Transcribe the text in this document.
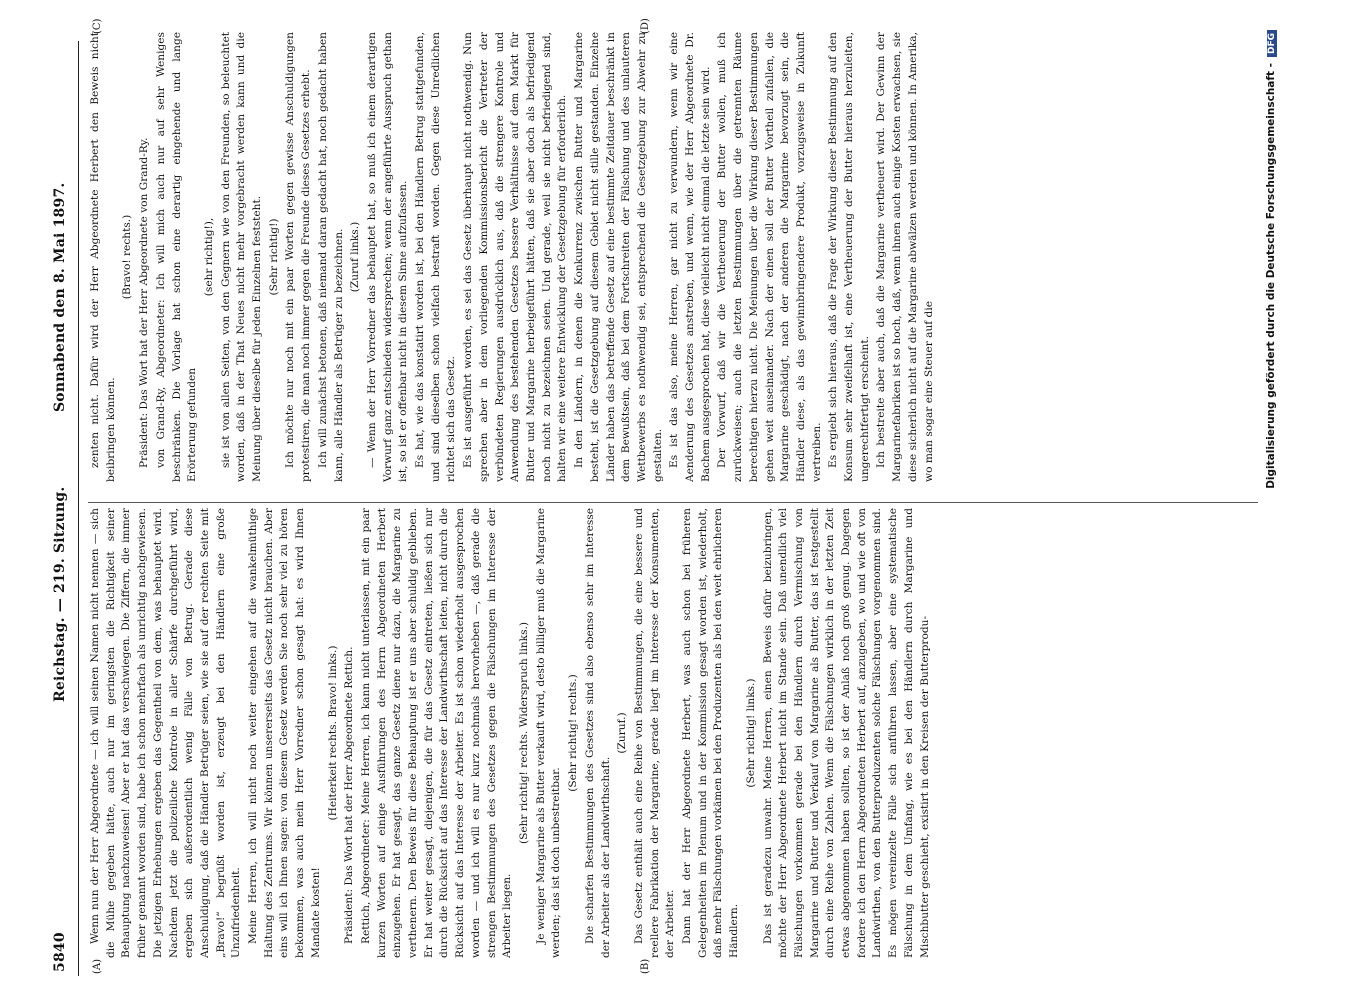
5840
Reichstag. — 219. Sitzung.
Sonnabend den 8. Mai 1897.
(A)	(B)
(C)	(D)

Wenn nun der Herr Abgeordnete — ich will seinen Namen nicht nennen — sich die Mühe gegeben hätte, auch nur im geringsten die Richtigkeit seiner Behauptung nachzuweisen! Aber er hat das verschwiegen. Die Ziffern, die immer früher genannt worden sind, habe ich schon mehrfach als unrichtig nachgewiesen. Die jetzigen Erhebungen ergeben das Gegentheil von dem, was behauptet wird. Nachdem jetzt die polizeiliche Kontrole in aller Schärfe durchgeführt wird, ergeben sich außerordentlich wenig Fälle von Betrug. Gerade diese Anschuldigung, daß die Händler Betrüger seien, wie sie auf der rechten Seite mit „Bravo!“ begrüßt worden ist, erzeugt bei den Händlern eine große Unzufriedenheit. Meine Herren, ich will nicht noch weiter eingehen auf die wankelmüthige Haltung des Zentrums. Wir können unsererseits das Gesetz nicht brauchen. Aber eins will ich Ihnen sagen: von diesem Gesetz werden Sie noch sehr viel zu hören bekommen, was auch mein Herr Vorredner schon gesagt hat: es wird Ihnen Mandate kosten!

(Heiterkeit rechts. Bravo! links.) Präsident: Das Wort hat der Herr Abgeordnete Rettich. Rettich, Abgeordneter: Meine Herren, ich kann nicht unterlassen, mit ein paar kurzen Worten auf einige Ausführungen des Herrn Abgeordneten Herbert einzugehen. Er hat gesagt, das ganze Gesetz diene nur dazu, die Margarine zu verthenern. Den Beweis für diese Behauptung ist er uns aber schuldig geblieben. Er hat weiter gesagt, diejenigen, die für das Gesetz eintreten, ließen sich nur durch die Rücksicht auf das Interesse der Landwirthschaft leiten, nicht durch die Rücksicht auf das Interesse der Arbeiter. Es ist schon wiederholt ausgesprochen worden — und ich will es nur kurz nochmals hervorheben —, daß gerade die strengen Bestimmungen des Gesetzes gegen die Fälschungen im Interesse der Arbeiter liegen.

(Sehr richtig! rechts. Widerspruch links.) Je weniger Margarine als Butter verkauft wird, desto billiger muß die Margarine werden; das ist doch unbestreitbar.

(Sehr richtig! rechts.) Die scharfen Bestimmungen des Gesetzes sind also ebenso sehr im Interesse der Arbeiter als der Landwirthschaft.

(Zuruf.) Das Gesetz enthält auch eine Reihe von Bestimmungen, die eine bessere und reellere Fabrikation der Margarine, gerade liegt im Interesse der Konsumenten, der Arbeiter. Dann hat der Herr Abgeordnete Herbert, was auch schon bei früheren Gelegenheiten im Plenum und in der Kommission gesagt worden ist, wiederholt, daß mehr Fälschungen vorkämen bei den Produzenten als bei den weit ehrlicheren Händlern.

(Sehr richtig! links.) Das ist geradezu unwahr. Meine Herren, einen Beweis dafür beizubringen, möchte der Herr Abgeordnete Herbert nicht im Stande sein. Daß unendlich viel Fälschungen vorkommen gerade bei den Händlern durch Vermischung von Margarine und Butter und Verkauf von Margarine als Butter, das ist festgestellt durch eine Reihe von Zahlen. Wenn die Fälschungen wirklich in der letzten Zeit etwas abgenommen haben sollten, so ist der Anlaß noch groß genug. Dagegen fordere ich den Herrn Abgeordneten Herbert auf, anzugeben, wo und wie oft von Landwirthen, von den Butterproduzenten solche Fälschungen vorgenommen sind. Es mögen vereinzelte Fälle sich anführen lassen, aber eine systematische Fälschung in dem Umfang, wie es bei den Händlern durch Margarine und Mischbutter geschieht, existirt in den Kreisen der Butterprodu-

zenten nicht. Dafür wird der Herr Abgeordnete Herbert den Beweis nicht beibringen können.

(Bravo! rechts.) Präsident: Das Wort hat der Herr Abgeordnete von Grand-Ry. von Grand-Ry, Abgeordneter: Ich will mich auch nur auf sehr Weniges beschränken. Die Vorlage hat schon eine derartig eingehende und lange Erörterung gefunden

(sehr richtig!), sie ist von allen Seiten, von den Gegnern wie von den Freunden, so beleuchtet worden, daß in der That Neues nicht mehr vorgebracht werden kann und die Meinung über dieselbe für jeden Einzelnen feststeht. (Sehr richtig!) Ich möchte nur noch mit ein paar Worten gegen gewisse Anschuldigungen protestiren, die man noch immer gegen die Freunde dieses Gesetzes erhebt. Ich will zunächst betonen, daß niemand daran gedacht hat, noch gedacht haben kann, alle Händler als Betrüger zu bezeichnen. (Zuruf links.) — Wenn der Herr Vorredner das behauptet hat, so muß ich einem derartigen Vorwurf ganz entschieden widersprechen; wenn der angeführte Ausspruch gethan ist, so ist er offenbar nicht in diesem Sinne aufzufassen. Es hat, wie das konstatirt worden ist, bei den Händlern Betrug stattgefunden, und sind dieselben schon vielfach bestraft worden. Gegen diese Unredlichen richtet sich das Gesetz. Es ist ausgeführt worden, es sei das Gesetz überhaupt nicht nothwendig. Nun sprechen aber in dem vorliegenden Kommissionsbericht die Vertreter der verbündeten Regierungen ausdrücklich aus, daß die strengere Kontrole und Anwendung des bestehenden Gesetzes bessere Verhältnisse auf dem Markt für Butter und Margarine herbeigeführt hätten, daß sie aber doch als befriedigend noch nicht zu bezeichnen seien. Und gerade, weil sie nicht befriedigend sind, halten wir eine weitere Entwicklung der Gesetzgebung für erforderlich. In den Ländern, in denen die Konkurrenz zwischen Butter und Margarine besteht, ist die Gesetzgebung auf diesem Gebiet nicht stille gestanden. Einzelne Länder haben das betreffende Gesetz auf eine bestimmte Zeitdauer beschränkt in dem Bewußtsein, daß bei dem Fortschreiten der Fälschung und des unlauteren Wettbewerbs es nothwendig sei, entsprechend die Gesetzgebung zur Abwehr zu gestalten. Es ist das also, meine Herren, gar nicht zu verwundern, wenn wir eine Aenderung des Gesetzes anstreben, und wenn, wie der Herr Abgeordnete Dr. Bachem ausgesprochen hat, diese vielleicht nicht einmal die letzte sein wird. Der Vorwurf, daß wir die Vertheuerung der Butter wollen, muß ich zurückweisen; auch die letzten Bestimmungen über die getrennten Räume berechtigen hierzu nicht. Die Meinungen über die Wirkung dieser Bestimmungen gehen weit auseinander. Nach der einen soll der Butter Vortheil zufallen, die Margarine geschädigt, nach der anderen die Margarine bevorzugt sein, die Händler diese, als das gewinnbringendere Produkt, vorzugsweise in Zukunft vertreiben. Es ergiebt sich hieraus, daß die Frage der Wirkung dieser Bestimmung auf den Konsum sehr zweifelhaft ist, eine Vertheuerung der Butter hieraus herzuleiten, ungerechtfertigt erscheint. Ich bestreite aber auch, daß die Margarine vertheuert wird. Der Gewinn der Margarinefabriken ist so hoch, daß, wenn ihnen auch einige Kosten erwachsen, sie diese sicherlich nicht auf die Margarine abwälzen werden und können. In Amerika, wo man sogar eine Steuer auf die	Digitalisierung gefördert durch die Deutsche Forschungsgemeinschaft -DFG
